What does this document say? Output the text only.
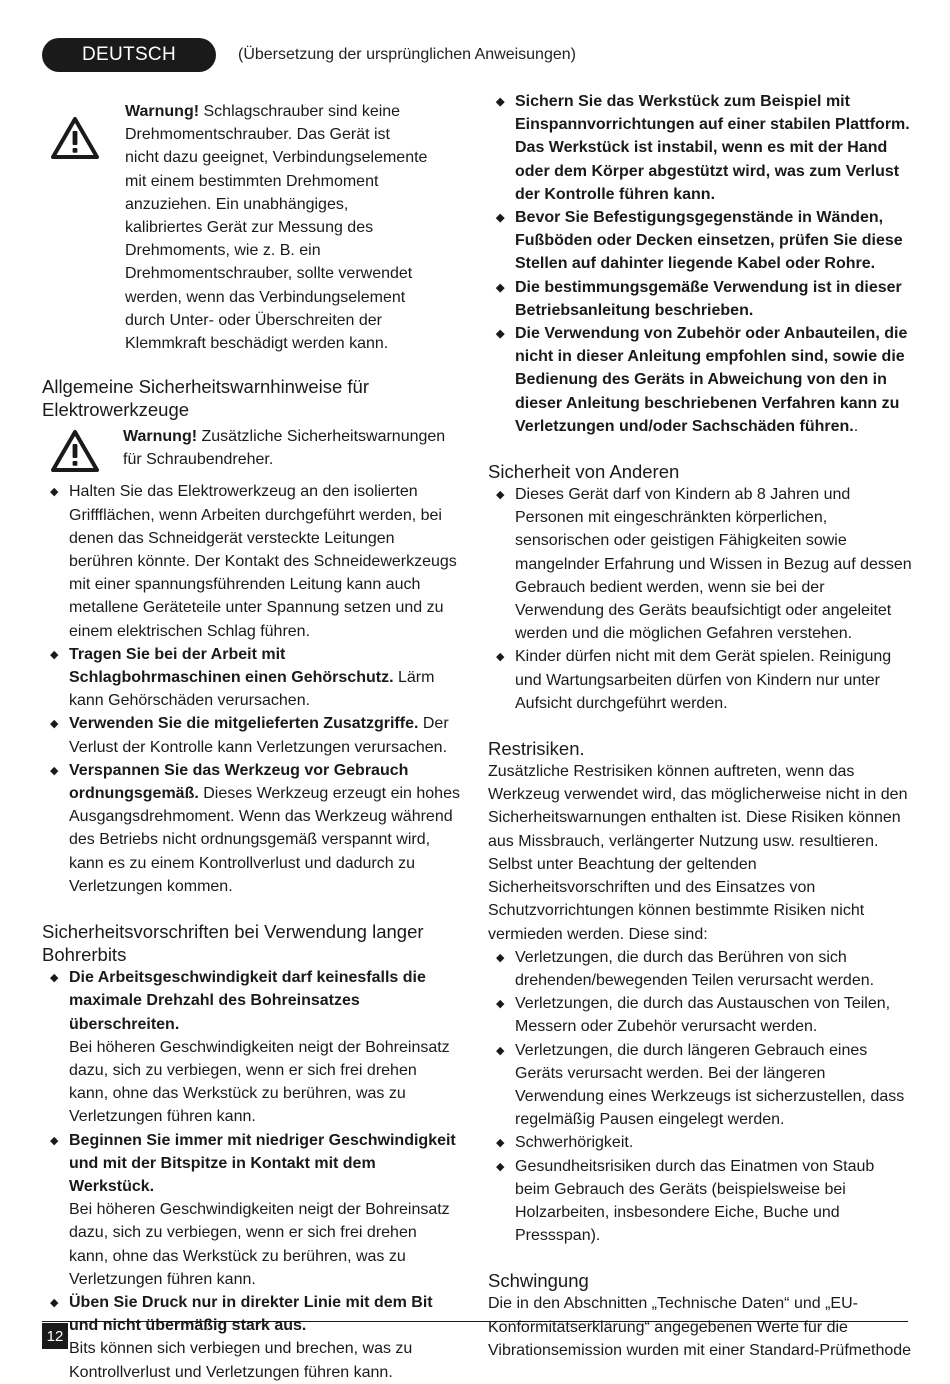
DEUTSCH	(Übersetzung der ursprünglichen Anweisungen)
Warnung! Schlagschrauber sind keine Drehmomentschrauber. Das Gerät ist nicht dazu geeignet, Verbindungselemente mit einem bestimmten Drehmoment anzuziehen. Ein unabhängiges, kalibriertes Gerät zur Messung des Drehmoments, wie z. B. ein Drehmomentschrauber, sollte verwendet werden, wenn das Verbindungselement durch Unter- oder Überschreiten der Klemmkraft beschädigt werden kann.
Allgemeine Sicherheitswarnhinweise für Elektrowerkzeuge
Warnung! Zusätzliche Sicherheitswarnungen für Schraubendreher.
◆ Halten Sie das Elektrowerkzeug an den isolierten Griffflächen, wenn Arbeiten durchgeführt werden, bei denen das Schneidgerät versteckte Leitungen berühren könnte. Der Kontakt des Schneidewerkzeugs mit einer spannungsführenden Leitung kann auch metallene Geräteteile unter Spannung setzen und zu einem elektrischen Schlag führen.
◆ Tragen Sie bei der Arbeit mit Schlagbohrmaschinen einen Gehörschutz. Lärm kann Gehörschäden verursachen.
◆ Verwenden Sie die mitgelieferten Zusatzgriffe. Der Verlust der Kontrolle kann Verletzungen verursachen.
◆ Verspannen Sie das Werkzeug vor Gebrauch ordnungsgemäß. Dieses Werkzeug erzeugt ein hohes Ausgangsdrehmoment. Wenn das Werkzeug während des Betriebs nicht ordnungsgemäß verspannt wird, kann es zu einem Kontrollverlust und dadurch zu Verletzungen kommen.
Sicherheitsvorschriften bei Verwendung langer Bohrerbits
◆ Die Arbeitsgeschwindigkeit darf keinesfalls die maximale Drehzahl des Bohreinsatzes überschreiten.
Bei höheren Geschwindigkeiten neigt der Bohreinsatz dazu, sich zu verbiegen, wenn er sich frei drehen kann, ohne das Werkstück zu berühren, was zu Verletzungen führen kann.
◆ Beginnen Sie immer mit niedriger Geschwindigkeit und mit der Bitspitze in Kontakt mit dem Werkstück.
Bei höheren Geschwindigkeiten neigt der Bohreinsatz dazu, sich zu verbiegen, wenn er sich frei drehen kann, ohne das Werkstück zu berühren, was zu Verletzungen führen kann.
◆ Üben Sie Druck nur in direkter Linie mit dem Bit und nicht übermäßig stark aus.
Bits können sich verbiegen und brechen, was zu Kontrollverlust und Verletzungen führen kann.
◆ Sichern Sie das Werkstück zum Beispiel mit Einspannvorrichtungen auf einer stabilen Plattform. Das Werkstück ist instabil, wenn es mit der Hand oder dem Körper abgestützt wird, was zum Verlust der Kontrolle führen kann.
◆ Bevor Sie Befestigungsgegenstände in Wänden, Fußböden oder Decken einsetzen, prüfen Sie diese Stellen auf dahinter liegende Kabel oder Rohre.
◆ Die bestimmungsgemäße Verwendung ist in dieser Betriebsanleitung beschrieben.
◆ Die Verwendung von Zubehör oder Anbauteilen, die nicht in dieser Anleitung empfohlen sind, sowie die Bedienung des Geräts in Abweichung von den in dieser Anleitung beschriebenen Verfahren kann zu Verletzungen und/oder Sachschäden führen..
Sicherheit von Anderen
◆ Dieses Gerät darf von Kindern ab 8 Jahren und Personen mit eingeschränkten körperlichen, sensorischen oder geistigen Fähigkeiten sowie mangelnder Erfahrung und Wissen in Bezug auf dessen Gebrauch bedient werden, wenn sie bei der Verwendung des Geräts beaufsichtigt oder angeleitet werden und die möglichen Gefahren verstehen.
◆ Kinder dürfen nicht mit dem Gerät spielen. Reinigung und Wartungsarbeiten dürfen von Kindern nur unter Aufsicht durchgeführt werden.
Restrisiken.

Zusätzliche Restrisiken können auftreten, wenn das Werkzeug verwendet wird, das möglicherweise nicht in den Sicherheitswarnungen enthalten ist. Diese Risiken können aus Missbrauch, verlängerter Nutzung usw. resultieren. Selbst unter Beachtung der geltenden Sicherheitsvorschriften und des Einsatzes von Schutzvorrichtungen können bestimmte Risiken nicht vermieden werden. Diese sind:

◆ Verletzungen, die durch das Berühren von sich drehenden/bewegenden Teilen verursacht werden.
◆ Verletzungen, die durch das Austauschen von Teilen, Messern oder Zubehör verursacht werden.
◆ Verletzungen, die durch längeren Gebrauch eines Geräts verursacht werden. Bei der längeren Verwendung eines Werkzeugs ist sicherzustellen, dass regelmäßig Pausen eingelegt werden.
◆ Schwerhörigkeit.
◆ Gesundheitsrisiken durch das Einatmen von Staub beim Gebrauch des Geräts (beispielsweise bei Holzarbeiten, insbesondere Eiche, Buche und Pressspan).
Schwingung

Die in den Abschnitten „Technische Daten“ und „EU-Konformitätserklärung“ angegebenen Werte für die Vibrationsemission wurden mit einer Standard-Prüfmethode

12
